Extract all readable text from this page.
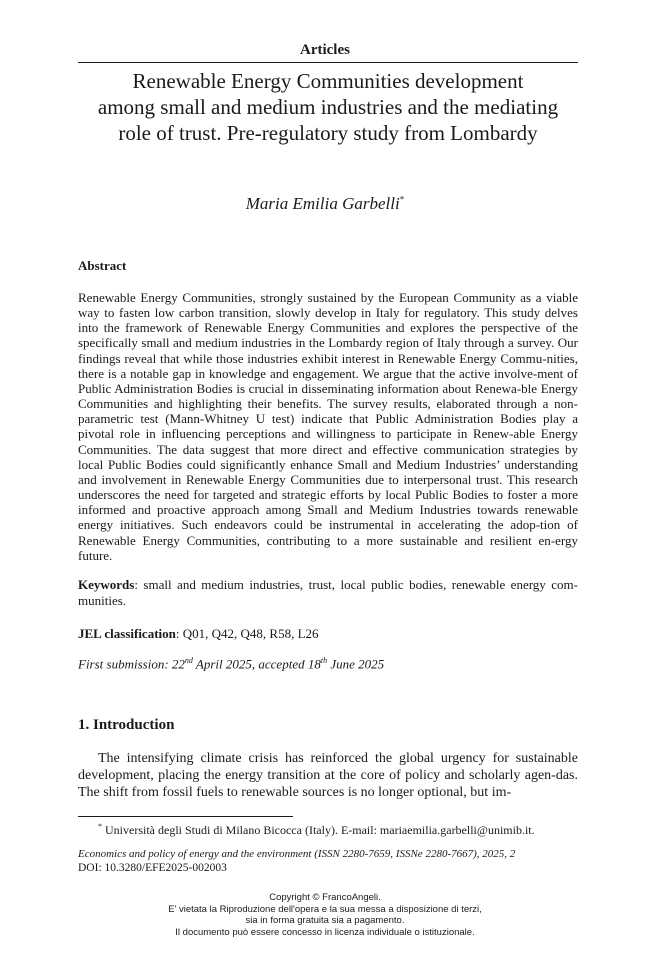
Articles
Renewable Energy Communities development
among small and medium industries and the mediating
role of trust. Pre-regulatory study from Lombardy
Maria Emilia Garbelli*
Abstract
Renewable Energy Communities, strongly sustained by the European Community as a viable way to fasten low carbon transition, slowly develop in Italy for regulatory. This study delves into the framework of Renewable Energy Communities and explores the perspective of the specifically small and medium industries in the Lombardy region of Italy through a survey. Our findings reveal that while those industries exhibit interest in Renewable Energy Commu-nities, there is a notable gap in knowledge and engagement. We argue that the active involve-ment of Public Administration Bodies is crucial in disseminating information about Renewa-ble Energy Communities and highlighting their benefits. The survey results, elaborated through a non-parametric test (Mann-Whitney U test) indicate that Public Administration Bodies play a pivotal role in influencing perceptions and willingness to participate in Renew-able Energy Communities. The data suggest that more direct and effective communication strategies by local Public Bodies could significantly enhance Small and Medium Industries’ understanding and involvement in Renewable Energy Communities due to interpersonal trust. This research underscores the need for targeted and strategic efforts by local Public Bodies to foster a more informed and proactive approach among Small and Medium Industries towards renewable energy initiatives. Such endeavors could be instrumental in accelerating the adop-tion of Renewable Energy Communities, contributing to a more sustainable and resilient en-ergy future.

Keywords: small and medium industries, trust, local public bodies, renewable energy com-munities.

JEL classification: Q01, Q42, Q48, R58, L26

First submission: 22nd April 2025, accepted 18th June 2025

1. Introduction

The intensifying climate crisis has reinforced the global urgency for sustainable development, placing the energy transition at the core of policy and scholarly agen-das. The shift from fossil fuels to renewable sources is no longer optional, but im-

* Università degli Studi di Milano Bicocca (Italy). E-mail: mariaemilia.garbelli@unimib.it.

Economics and policy of energy and the environment (ISSN 2280-7659, ISSNe 2280-7667), 2025, 2

DOI: 10.3280/EFE2025-002003

Copyright © FrancoAngeli.
E' vietata la Riproduzione dell'opera e la sua messa a disposizione di terzi,
sia in forma gratuita sia a pagamento.
Il documento può essere concesso in licenza individuale o istituzionale.
